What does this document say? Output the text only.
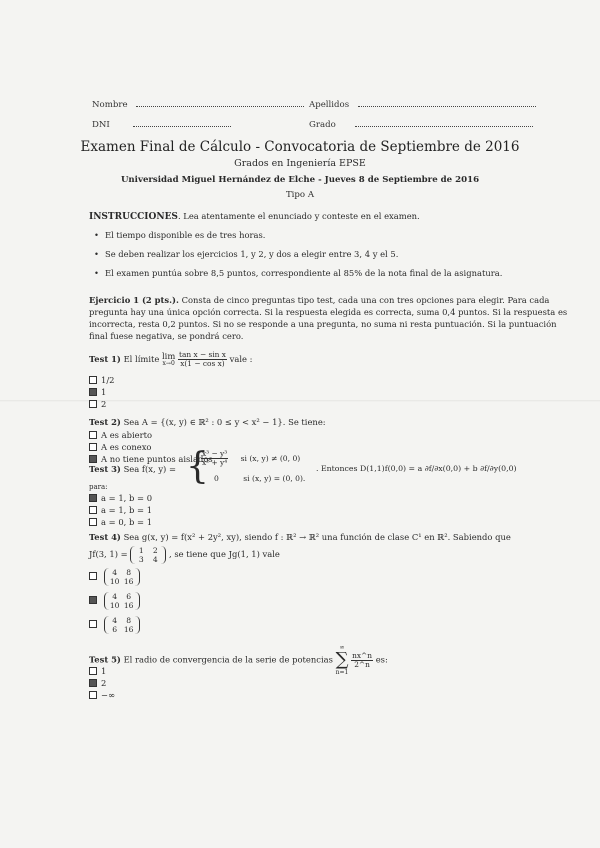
Nombre	Apellidos
DNI	Grado
Examen Final de Cálculo - Convocatoria de Septiembre de 2016
Grados en Ingeniería EPSE
Universidad Miguel Hernández de Elche - Jueves 8 de Septiembre de 2016
Tipo A
INSTRUCCIONES. Lea atentamente el enunciado y conteste en el examen.
• El tiempo disponible es de tres horas.
• Se deben realizar los ejercicios 1, y 2, y dos a elegir entre 3, 4 y el 5.
• El examen puntúa sobre 8,5 puntos, correspondiente al 85% de la nota final de la asignatura.
Ejercicio 1 (2 pts.). Consta de cinco preguntas tipo test, cada una con tres opciones para elegir. Para cada
pregunta hay una única opción correcta. Si la respuesta elegida es correcta, suma 0,4 puntos. Si la respuesta es
incorrecta, resta 0,2 puntos. Si no se responde a una pregunta, no suma ni resta puntuación. Si la puntuación
final fuese negativa, se pondrá cero.
Test 1) El límite lim
x→0
$\frac{\text{tan x − sin x}}{\text{x(1 − cos x)}}$ vale :
1/2
1
2
Test 2) Sea A = {(x, y) ∈ ℝ² : 0 ≤ y < x² − 1}. Se tiene:
A es abierto
A es conexo
A no tiene puntos aislados
Test 3) Sea f(x, y) = {
$\frac{\text{x³ − y³}}{\text{x² + y⁴}}$ si (x, y) ≠ (0, 0)
0	si (x, y) = (0, 0).
. Entonces D(1,1)f(0,0) = a ∂f/∂x(0,0) + b ∂f/∂y(0,0)
para:
a = 1, b = 0
a = 1, b = 1
a = 0, b = 1
Test 4) Sea g(x, y) = f(x² + 2y², xy), siendo f : ℝ² → ℝ² una función de clase C¹ en ℝ². Sabiendo que
Jf(3, 1) = 1 2
3 4 , se tiene que Jg(1, 1) vale
4 8
10 16
4 6
10 16
4 8
6 16
Test 5) El radio de convergencia de la serie de potencias
∞
∑
n=1

$\frac{nx\^{}n}{2\^{}n}$ es:
1
2
−∞
